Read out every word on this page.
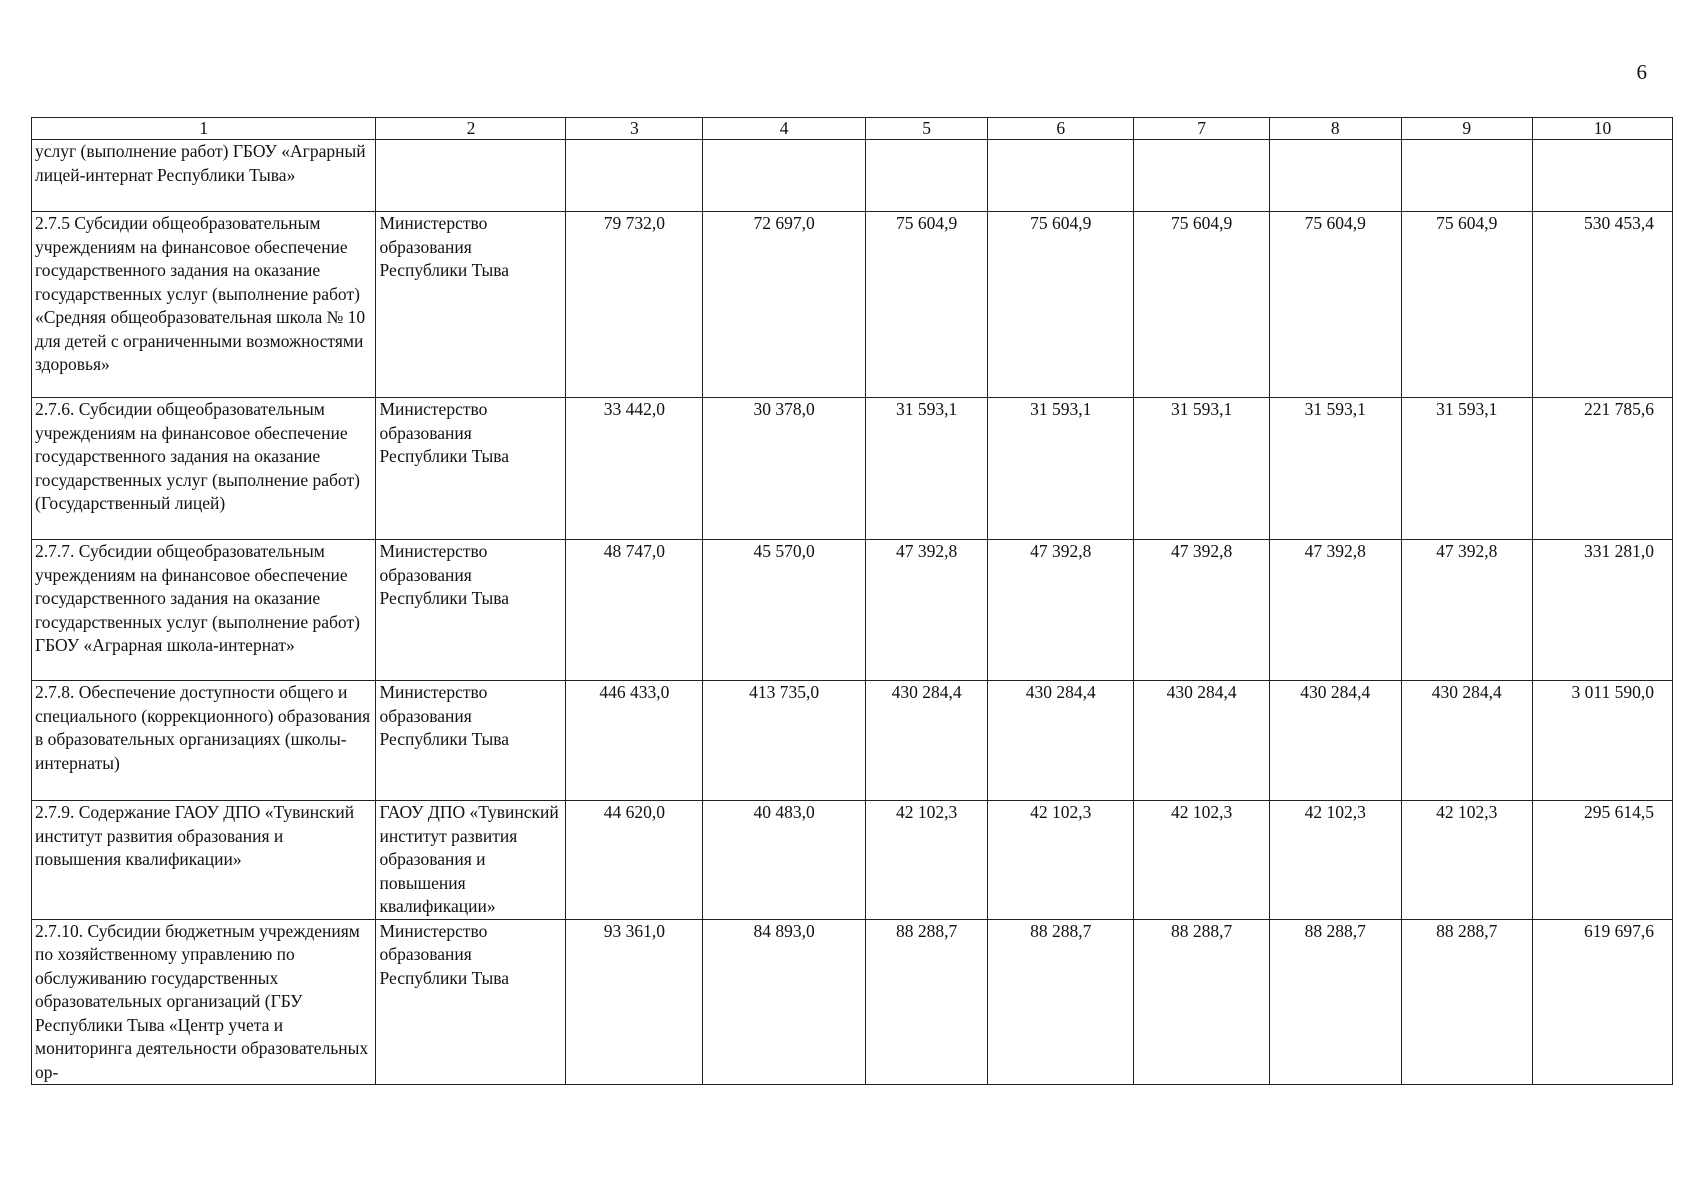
6
1	2	3	4	5	6	7	8	9	10
услуг (выполнение работ) ГБОУ «Аграрный лицей-интернат Республики Тыва»									
2.7.5 Субсидии общеобразовательным учреждениям на финансовое обеспечение государственного задания на оказание государственных услуг (выполнение работ) «Средняя общеобразовательная школа № 10 для детей с ограниченными возможностями здоровья»	Министерство образования Республики Тыва	79 732,0	72 697,0	75 604,9	75 604,9	75 604,9	75 604,9	75 604,9	530 453,4
2.7.6. Субсидии общеобразовательным учреждениям на финансовое обеспечение государственного задания на оказание государственных услуг (выполнение работ) (Государственный лицей)	Министерство образования Республики Тыва	33 442,0	30 378,0	31 593,1	31 593,1	31 593,1	31 593,1	31 593,1	221 785,6
2.7.7. Субсидии общеобразовательным учреждениям на финансовое обеспечение государственного задания на оказание государственных услуг (выполнение работ) ГБОУ «Аграрная школа-интернат»	Министерство образования Республики Тыва	48 747,0	45 570,0	47 392,8	47 392,8	47 392,8	47 392,8	47 392,8	331 281,0
2.7.8. Обеспечение доступности общего и специального (коррекционного) образования в образовательных организациях (школы-интернаты)	Министерство образования Республики Тыва	446 433,0	413 735,0	430 284,4	430 284,4	430 284,4	430 284,4	430 284,4	3 011 590,0
2.7.9. Содержание ГАОУ ДПО «Тувинский институт развития образования и повышения квалификации»	ГАОУ ДПО «Тувинский институт развития образования и повышения квалификации»	44 620,0	40 483,0	42 102,3	42 102,3	42 102,3	42 102,3	42 102,3	295 614,5
2.7.10. Субсидии бюджетным учреждениям по хозяйственному управлению по обслуживанию государственных образовательных организаций (ГБУ Республики Тыва «Центр учета и мониторинга деятельности образовательных ор-	Министерство образования Республики Тыва	93 361,0	84 893,0	88 288,7	88 288,7	88 288,7	88 288,7	88 288,7	619 697,6
